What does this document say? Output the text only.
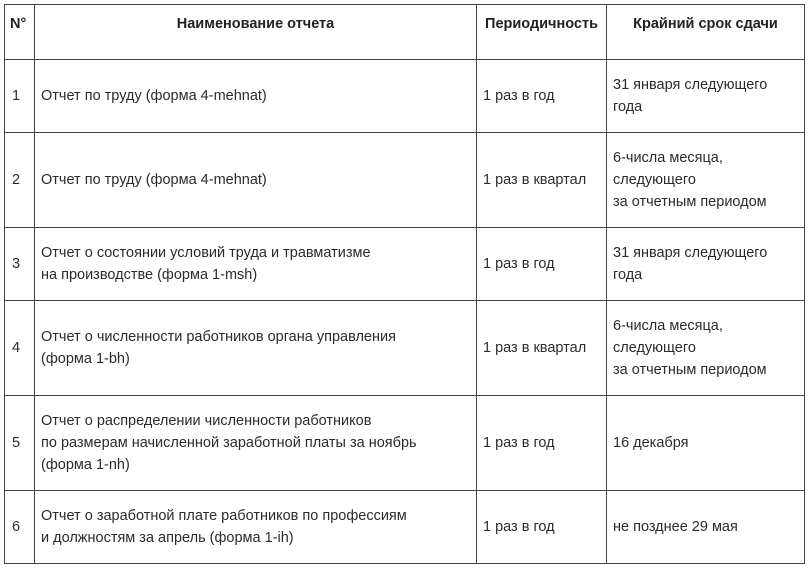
N°	Наименование отчета	Периодичность	Крайний срок сдачи
1	Отчет по труду (форма 4-mehnat)	1 раз в год	31 января следующего
года

2	Отчет по труду (форма 4-mehnat)	1 раз в квартал	6-числа месяца,
следующего
за отчетным периодом

3	Отчет о состоянии условий труда и травматизме
на производстве (форма 1-msh)	1 раз в год	31 января следующего
года

4	Отчет о численности работников органа управления
(форма 1-bh)	1 раз в квартал	6-числа месяца,
следующего
за отчетным периодом

5	Отчет о распределении численности работников
по размерам начисленной заработной платы за ноябрь
(форма 1-nh)	1 раз в год	16 декабря

6	Отчет о заработной плате работников по профессиям
и должностям за апрель (форма 1-ih)	1 раз в год	не позднее 29 мая
